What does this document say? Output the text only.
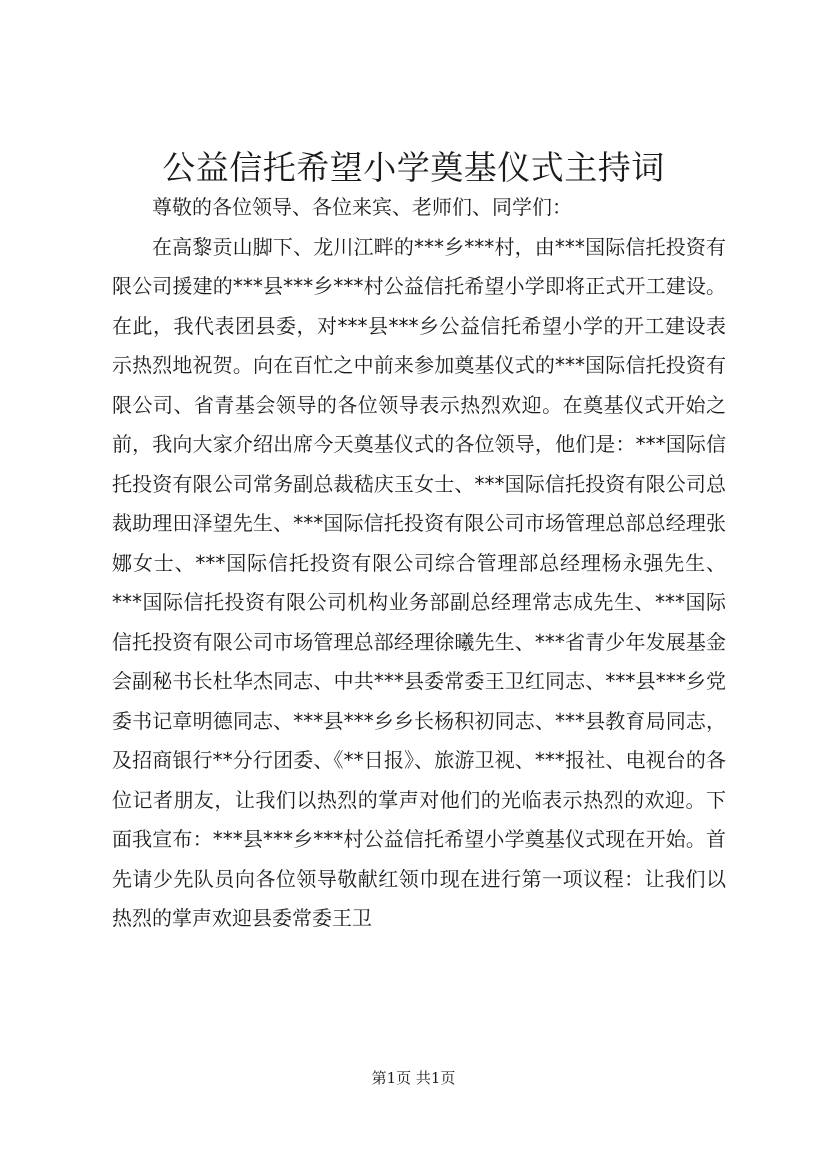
公益信托希望小学奠基仪式主持词

尊敬的各位领导、各位来宾、老师们、同学们：

在高黎贡山脚下、龙川江畔的***乡***村，由***国际信托投资有限公司援建的***县***乡***村公益信托希望小学即将正式开工建设。在此，我代表团县委，对***县***乡公益信托希望小学的开工建设表示热烈地祝贺。向在百忙之中前来参加奠基仪式的***国际信托投资有限公司、省青基会领导的各位领导表示热烈欢迎。在奠基仪式开始之前，我向大家介绍出席今天奠基仪式的各位领导，他们是：***国际信托投资有限公司常务副总裁嵇庆玉女士、***国际信托投资有限公司总裁助理田泽望先生、***国际信托投资有限公司市场管理总部总经理张娜女士、***国际信托投资有限公司综合管理部总经理杨永强先生、***国际信托投资有限公司机构业务部副总经理常志成先生、***国际信托投资有限公司市场管理总部经理徐曦先生、***省青少年发展基金会副秘书长杜华杰同志、中共***县委常委王卫红同志、***县***乡党委书记章明德同志、***县***乡乡长杨积初同志、***县教育局同志，及招商银行**分行团委、《**日报》、旅游卫视、***报社、电视台的各位记者朋友，让我们以热烈的掌声对他们的光临表示热烈的欢迎。下面我宣布：***县***乡***村公益信托希望小学奠基仪式现在开始。首先请少先队员向各位领导敬献红领巾现在进行第一项议程：让我们以热烈的掌声欢迎县委常委王卫

第1页 共1页
